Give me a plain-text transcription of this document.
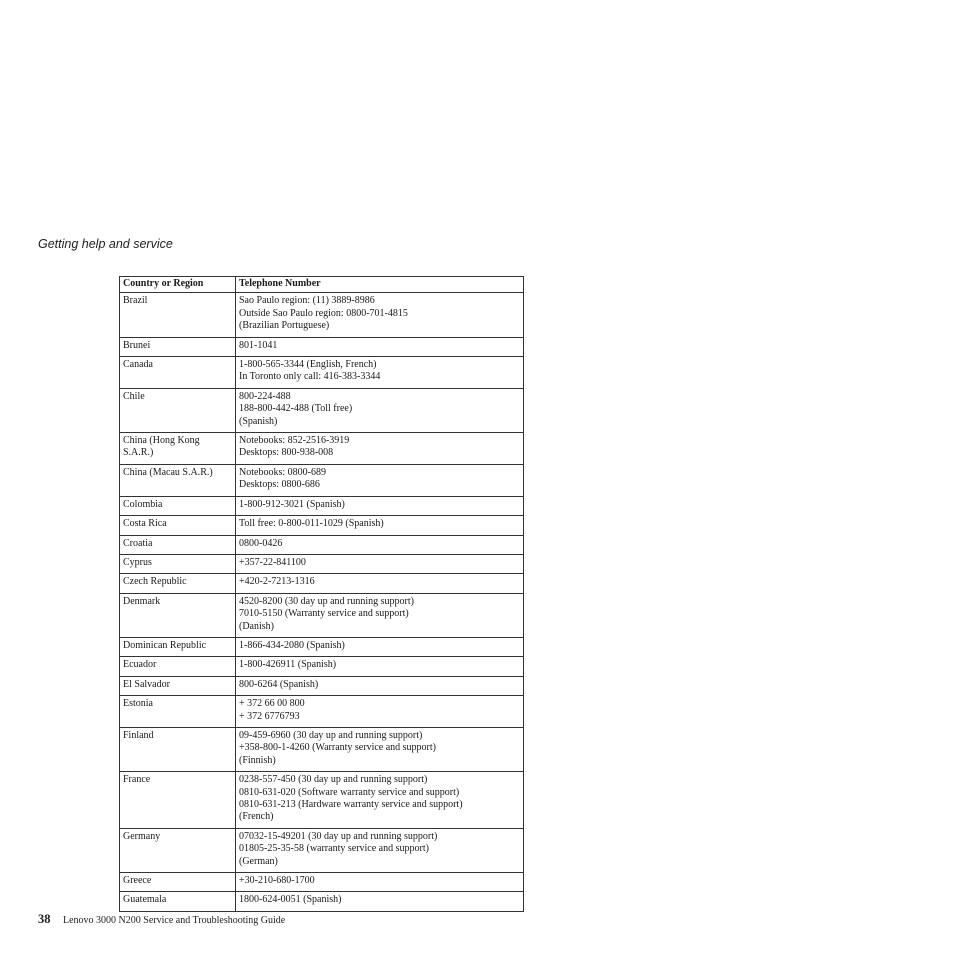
Getting help and service
Country or Region	Telephone Number
Brazil	Sao Paulo region: (11) 3889-8986
Outside Sao Paulo region: 0800-701-4815
(Brazilian Portuguese)

Brunei	801-1041

Canada	1-800-565-3344 (English, French)
In Toronto only call: 416-383-3344

Chile	800-224-488
188-800-442-488 (Toll free)
(Spanish)

China (Hong Kong S.A.R.)	Notebooks: 852-2516-3919
Desktops: 800-938-008

China (Macau S.A.R.)	Notebooks: 0800-689
Desktops: 0800-686

Colombia	1-800-912-3021 (Spanish)

Costa Rica	Toll free: 0-800-011-1029 (Spanish)

Croatia	0800-0426

Cyprus	+357-22-841100

Czech Republic	+420-2-7213-1316

Denmark	4520-8200 (30 day up and running support)
7010-5150 (Warranty service and support)
(Danish)

Dominican Republic	1-866-434-2080 (Spanish)

Ecuador	1-800-426911 (Spanish)

El Salvador	800-6264 (Spanish)

Estonia	+ 372 66 00 800
+ 372 6776793

Finland	09-459-6960 (30 day up and running support)
+358-800-1-4260 (Warranty service and support)
(Finnish)

France	0238-557-450 (30 day up and running support)
0810-631-020 (Software warranty service and support)
0810-631-213 (Hardware warranty service and support)
(French)

Germany	07032-15-49201 (30 day up and running support)
01805-25-35-58 (warranty service and support)
(German)

Greece	+30-210-680-1700

Guatemala	1800-624-0051 (Spanish)
38 Lenovo 3000 N200 Service and Troubleshooting Guide
